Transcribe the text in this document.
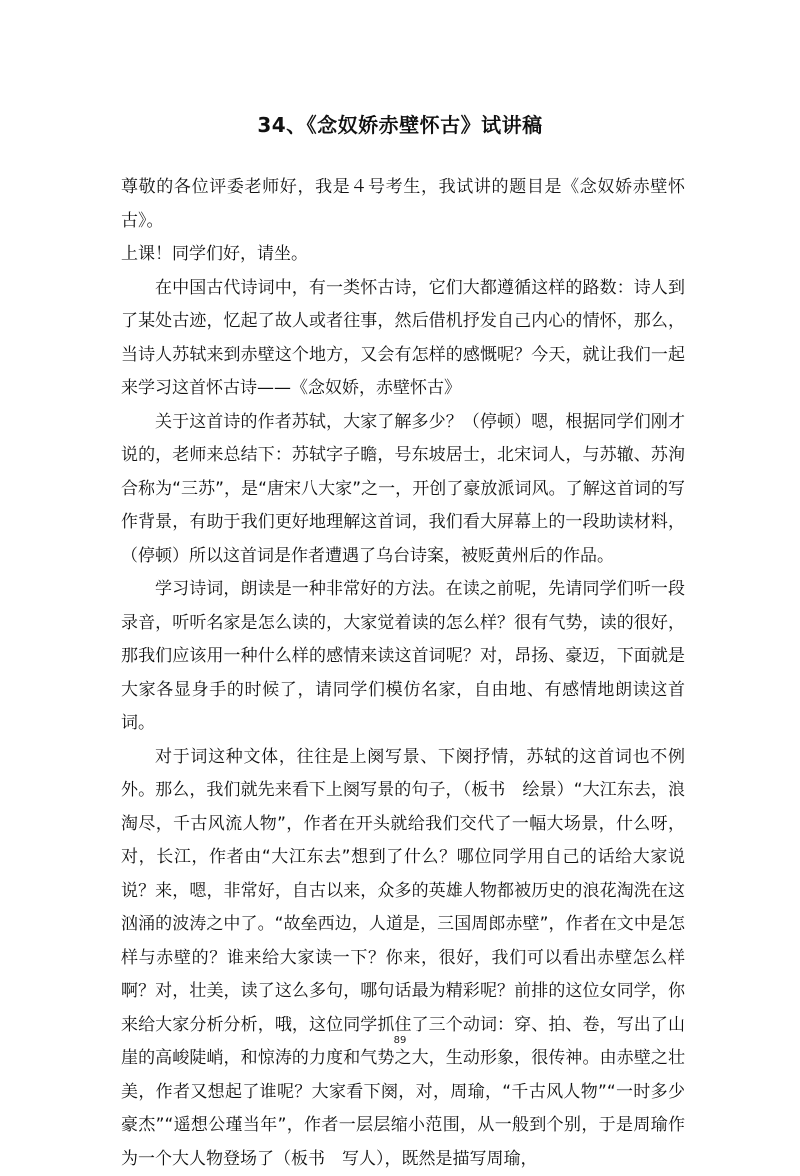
34、《念奴娇赤壁怀古》试讲稿

尊敬的各位评委老师好，我是４号考生，我试讲的题目是《念奴娇赤壁怀古》。

上课！同学们好，请坐。

在中国古代诗词中，有一类怀古诗，它们大都遵循这样的路数：诗人到了某处古迹，忆起了故人或者往事，然后借机抒发自己内心的情怀，那么，当诗人苏轼来到赤壁这个地方，又会有怎样的感慨呢？今天，就让我们一起来学习这首怀古诗——《念奴娇，赤壁怀古》

关于这首诗的作者苏轼，大家了解多少？（停顿）嗯，根据同学们刚才说的，老师来总结下：苏轼字子瞻，号东坡居士，北宋词人，与苏辙、苏洵合称为“三苏”，是“唐宋八大家”之一，开创了豪放派词风。了解这首词的写作背景，有助于我们更好地理解这首词，我们看大屏幕上的一段助读材料，（停顿）所以这首词是作者遭遇了乌台诗案，被贬黄州后的作品。

学习诗词，朗读是一种非常好的方法。在读之前呢，先请同学们听一段录音，听听名家是怎么读的，大家觉着读的怎么样？很有气势，读的很好，那我们应该用一种什么样的感情来读这首词呢？对，昂扬、豪迈，下面就是大家各显身手的时候了，请同学们模仿名家，自由地、有感情地朗读这首词。

对于词这种文体，往往是上阕写景、下阕抒情，苏轼的这首词也不例外。那么，我们就先来看下上阕写景的句子，（板书　绘景）“大江东去，浪淘尽，千古风流人物”，作者在开头就给我们交代了一幅大场景，什么呀，对，长江，作者由“大江东去”想到了什么？哪位同学用自己的话给大家说说？来，嗯，非常好，自古以来，众多的英雄人物都被历史的浪花淘洗在这汹涌的波涛之中了。“故垒西边，人道是，三国周郎赤壁”，作者在文中是怎样与赤壁的？谁来给大家读一下？你来，很好，我们可以看出赤壁怎么样啊？对，壮美，读了这么多句，哪句话最为精彩呢？前排的这位女同学，你来给大家分析分析，哦，这位同学抓住了三个动词：穿、拍、卷，写出了山崖的高峻陡峭，和惊涛的力度和气势之大，生动形象，很传神。由赤壁之壮美，作者又想起了谁呢？大家看下阕，对，周瑜，“千古风人物”“一时多少豪杰”“遥想公瑾当年”，作者一层层缩小范围，从一般到个别，于是周瑜作为一个大人物登场了（板书　写人），既然是描写周瑜，

89
